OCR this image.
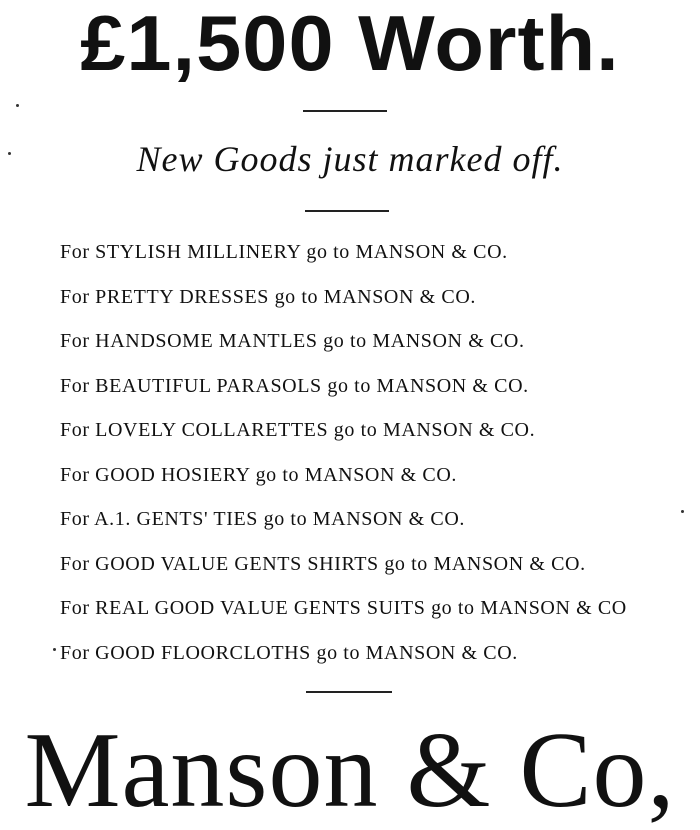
£1,500 Worth.
New Goods just marked off.
For STYLISH MILLINERY go to MANSON & CO.
For PRETTY DRESSES go to MANSON & CO.
For HANDSOME MANTLES go to MANSON & CO.
For BEAUTIFUL PARASOLS go to MANSON & CO.
For LOVELY COLLARETTES go to MANSON & CO.
For GOOD HOSIERY go to MANSON & CO.
For A.1. GENTS' TIES go to MANSON & CO.
For GOOD VALUE GENTS SHIRTS go to MANSON & CO.
For REAL GOOD VALUE GENTS SUITS go to MANSON & CO
For GOOD FLOORCLOTHS go to MANSON & CO.
Manson & Co,
